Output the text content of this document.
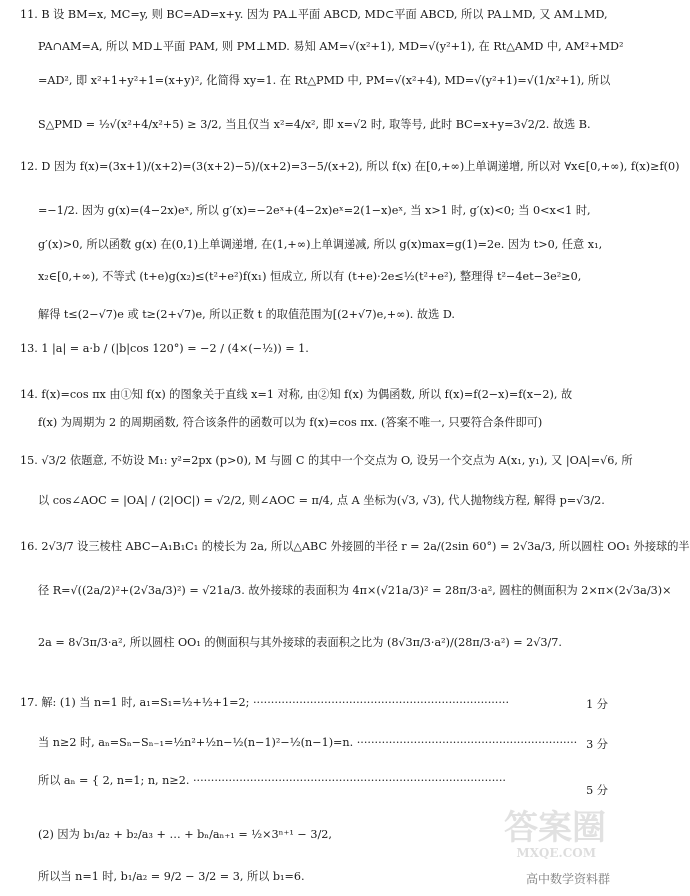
11. B 设 BM=x, MC=y, 则 BC=AD=x+y. 因为 PA⊥平面 ABCD, MD⊂平面 ABCD, 所以 PA⊥MD, 又 AM⊥MD,
PA∩AM=A, 所以 MD⊥平面 PAM, 则 PM⊥MD. 易知 AM=√(x²+1), MD=√(y²+1), 在 Rt△AMD 中, AM²+MD²
=AD², 即 x²+1+y²+1=(x+y)², 化简得 xy=1. 在 Rt△PMD 中, PM=√(x²+4), MD=√(y²+1)=√(1/x²+1), 所以
S△PMD = ½√(x²+4/x²+5) ≥ 3/2, 当且仅当 x²=4/x², 即 x=√2 时, 取等号, 此时 BC=x+y=3√2/2. 故选 B.
12. D 因为 f(x)=(3x+1)/(x+2)=(3(x+2)−5)/(x+2)=3−5/(x+2), 所以 f(x) 在[0,+∞)上单调递增, 所以对 ∀x∈[0,+∞), f(x)≥f(0)
=−1/2. 因为 g(x)=(4−2x)eˣ, 所以 g′(x)=−2eˣ+(4−2x)eˣ=2(1−x)eˣ, 当 x>1 时, g′(x)<0; 当 0<x<1 时,
g′(x)>0, 所以函数 g(x) 在(0,1)上单调递增, 在(1,+∞)上单调递减, 所以 g(x)max=g(1)=2e. 因为 t>0, 任意 x₁,
x₂∈[0,+∞), 不等式 (t+e)g(x₂)≤(t²+e²)f(x₁) 恒成立, 所以有 (t+e)·2e≤½(t²+e²), 整理得 t²−4et−3e²≥0,
解得 t≤(2−√7)e 或 t≥(2+√7)e, 所以正数 t 的取值范围为[(2+√7)e,+∞). 故选 D.
13. 1 |a| = a·b / (|b|cos 120°) = −2 / (4×(−½)) = 1.
14. f(x)=cos πx 由①知 f(x) 的图象关于直线 x=1 对称, 由②知 f(x) 为偶函数, 所以 f(x)=f(2−x)=f(x−2), 故
f(x) 为周期为 2 的周期函数, 符合该条件的函数可以为 f(x)=cos πx. (答案不唯一, 只要符合条件即可)
15. √3/2 依题意, 不妨设 M₁: y²=2px (p>0), M 与圆 C 的其中一个交点为 O, 设另一个交点为 A(x₁, y₁), 又 |OA|=√6, 所
以 cos∠AOC = |OA| / (2|OC|) = √2/2, 则∠AOC = π/4, 点 A 坐标为(√3, √3), 代人抛物线方程, 解得 p=√3/2.
16. 2√3/7 设三棱柱 ABC−A₁B₁C₁ 的棱长为 2a, 所以△ABC 外接圆的半径 r = 2a/(2sin 60°) = 2√3a/3, 所以圆柱 OO₁ 外接球的半
径 R=√((2a/2)²+(2√3a/3)²) = √21a/3. 故外接球的表面积为 4π×(√21a/3)² = 28π/3·a², 圆柱的侧面积为 2×π×(2√3a/3)×
2a = 8√3π/3·a², 所以圆柱 OO₁ 的侧面积与其外接球的表面积之比为 (8√3π/3·a²)/(28π/3·a²) = 2√3/7.
17. 解: (1) 当 n=1 时, a₁=S₁=½+½+1=2; ········································································
当 n≥2 时, aₙ=Sₙ−Sₙ₋₁=½n²+½n−½(n−1)²−½(n−1)=n. ······························································
所以 aₙ = { 2, n=1; n, n≥2. ························································································
(2) 因为 b₁/a₂ + b₂/a₃ + … + bₙ/aₙ₊₁ = ½×3ⁿ⁺¹ − 3/2,
所以当 n=1 时, b₁/a₂ = 9/2 − 3/2 = 3, 所以 b₁=6.
1 分
3 分
5 分
答案圈
MXQE.COM
高中数学资料群
